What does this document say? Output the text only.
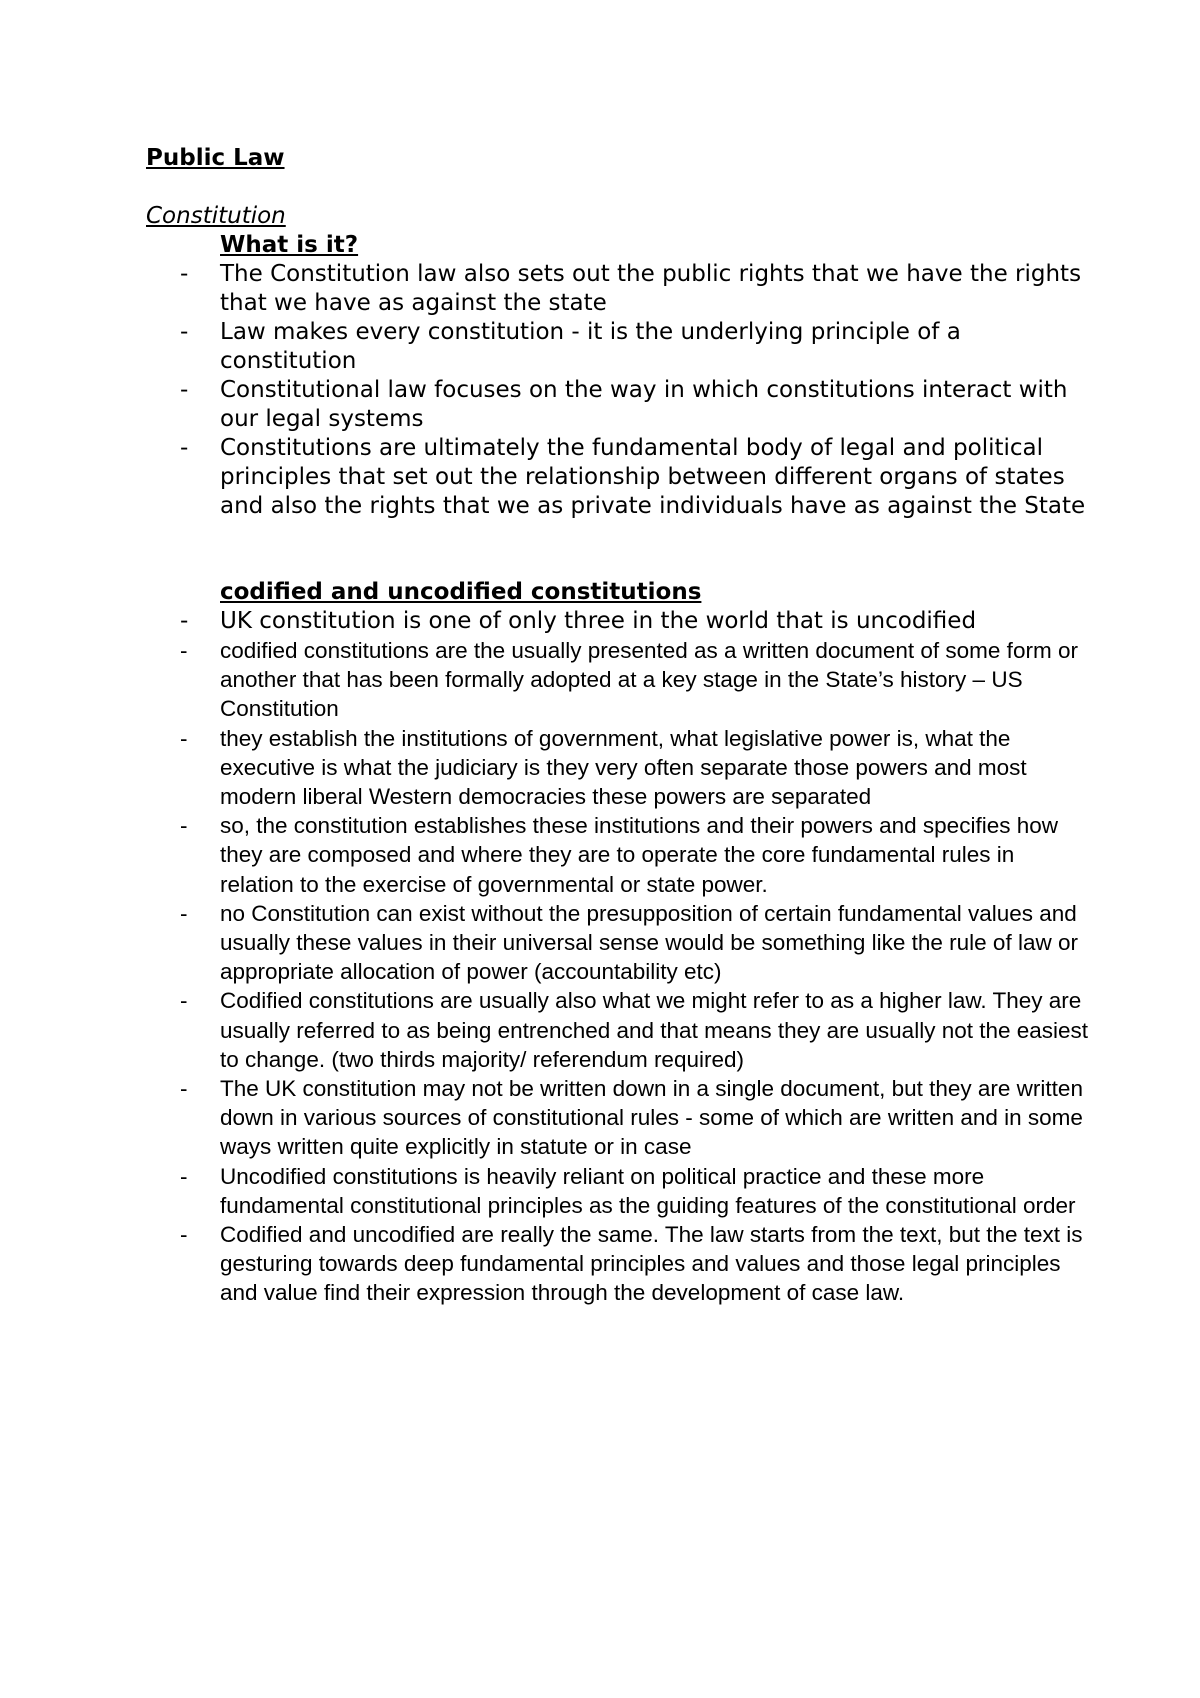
Public Law
Constitution
What is it?
- The Constitution law also sets out the public rights that we have the rights that we have as against the state
- Law makes every constitution - it is the underlying principle of a constitution
- Constitutional law focuses on the way in which constitutions interact with our legal systems
- Constitutions are ultimately the fundamental body of legal and political principles that set out the relationship between different organs of states and also the rights that we as private individuals have as against the State
codified and uncodified constitutions
- UK constitution is one of only three in the world that is uncodified
- codified constitutions are the usually presented as a written document of some form or another that has been formally adopted at a key stage in the State’s history – US Constitution
- they establish the institutions of government, what legislative power is, what the executive is what the judiciary is they very often separate those powers and most modern liberal Western democracies these powers are separated
- so, the constitution establishes these institutions and their powers and specifies how they are composed and where they are to operate the core fundamental rules in relation to the exercise of governmental or state power.
- no Constitution can exist without the presupposition of certain fundamental values and usually these values in their universal sense would be something like the rule of law or appropriate allocation of power (accountability etc)
- Codified constitutions are usually also what we might refer to as a higher law. They are usually referred to as being entrenched and that means they are usually not the easiest to change. (two thirds majority/ referendum required)
- The UK constitution may not be written down in a single document, but they are written down in various sources of constitutional rules - some of which are written and in some ways written quite explicitly in statute or in case
- Uncodified constitutions is heavily reliant on political practice and these more fundamental constitutional principles as the guiding features of the constitutional order
- Codified and uncodified are really the same. The law starts from the text, but the text is gesturing towards deep fundamental principles and values and those legal principles and value find their expression through the development of case law.
